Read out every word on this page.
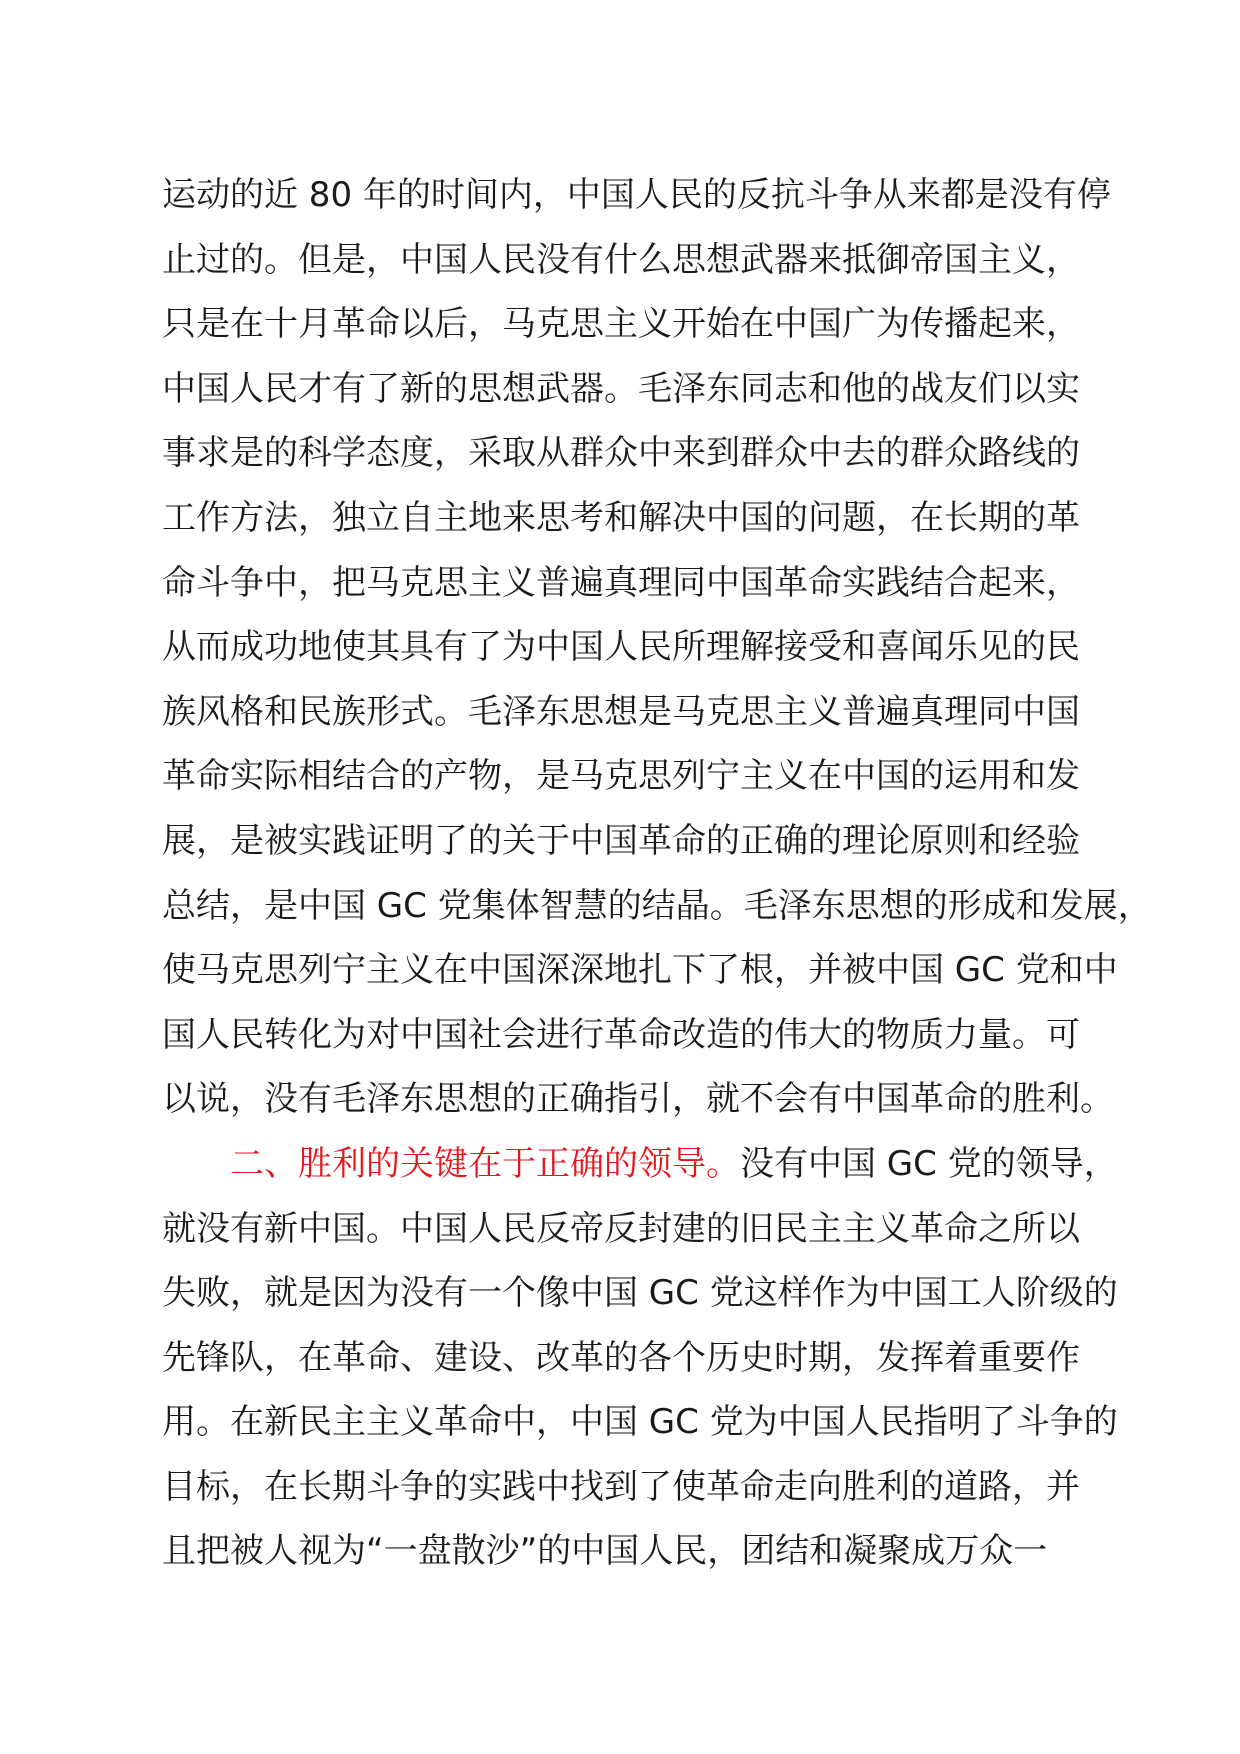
运动的近 80 年的时间内，中国人民的反抗斗争从来都是没有停
止过的。但是，中国人民没有什么思想武器来抵御帝国主义，
只是在十月革命以后，马克思主义开始在中国广为传播起来，
中国人民才有了新的思想武器。毛泽东同志和他的战友们以实
事求是的科学态度，采取从群众中来到群众中去的群众路线的
工作方法，独立自主地来思考和解决中国的问题，在长期的革
命斗争中，把马克思主义普遍真理同中国革命实践结合起来，
从而成功地使其具有了为中国人民所理解接受和喜闻乐见的民
族风格和民族形式。毛泽东思想是马克思主义普遍真理同中国
革命实际相结合的产物，是马克思列宁主义在中国的运用和发
展，是被实践证明了的关于中国革命的正确的理论原则和经验
总结，是中国 GC 党集体智慧的结晶。毛泽东思想的形成和发展，
使马克思列宁主义在中国深深地扎下了根，并被中国 GC 党和中
国人民转化为对中国社会进行革命改造的伟大的物质力量。可
以说，没有毛泽东思想的正确指引，就不会有中国革命的胜利。
二、胜利的关键在于正确的领导。没有中国 GC 党的领导，
就没有新中国。中国人民反帝反封建的旧民主主义革命之所以
失败，就是因为没有一个像中国 GC 党这样作为中国工人阶级的
先锋队，在革命、建设、改革的各个历史时期，发挥着重要作
用。在新民主主义革命中，中国 GC 党为中国人民指明了斗争的
目标，在长期斗争的实践中找到了使革命走向胜利的道路，并
且把被人视为“一盘散沙”的中国人民，团结和凝聚成万众一
